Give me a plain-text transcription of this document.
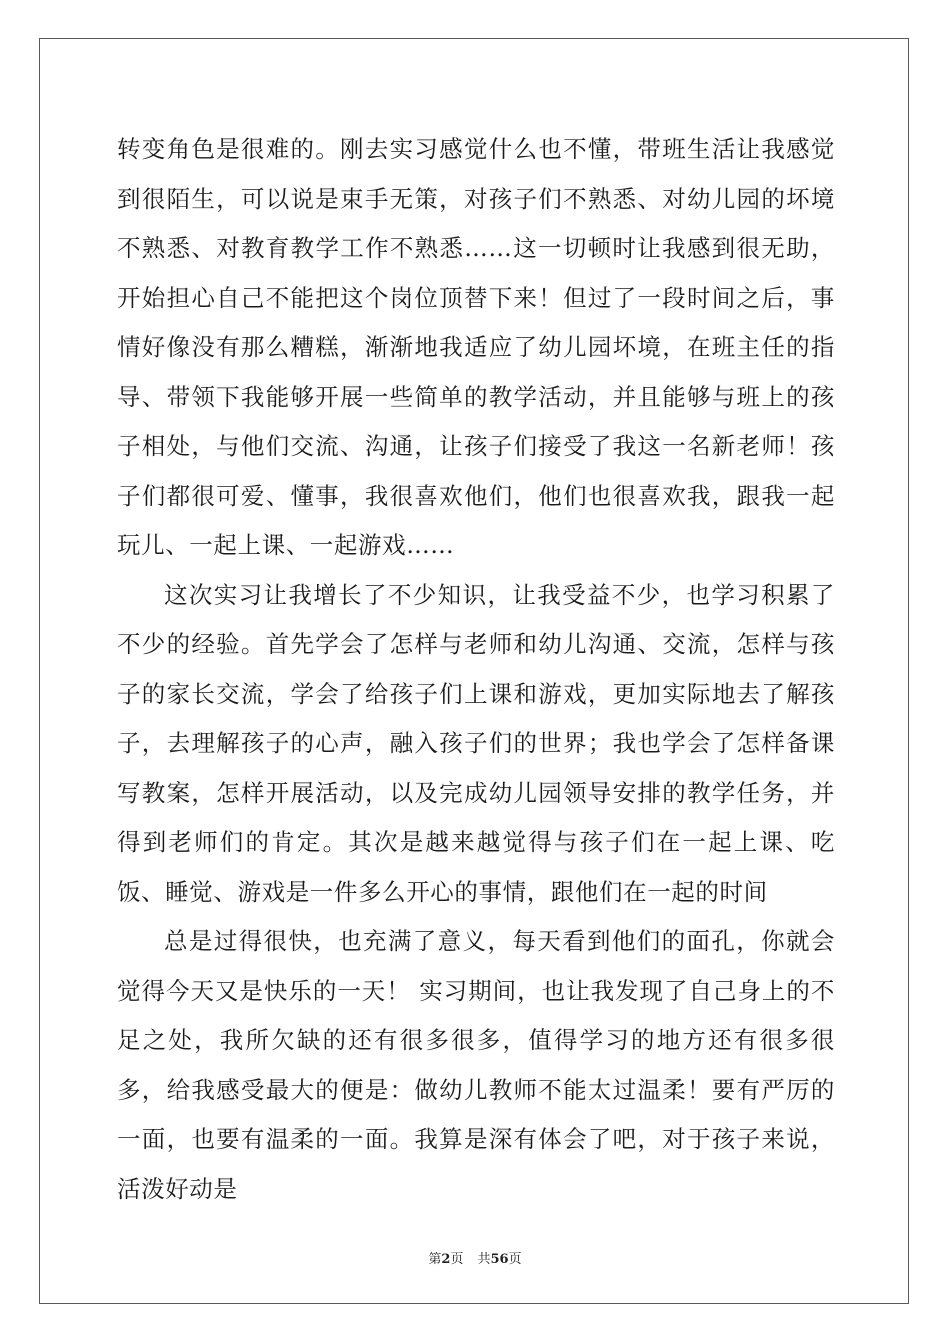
转变角色是很难的。刚去实习感觉什么也不懂，带班生活让我感觉到很陌生，可以说是束手无策，对孩子们不熟悉、对幼儿园的坏境不熟悉、对教育教学工作不熟悉……这一切顿时让我感到很无助，开始担心自己不能把这个岗位顶替下来！但过了一段时间之后，事情好像没有那么糟糕，渐渐地我适应了幼儿园坏境，在班主任的指导、带领下我能够开展一些简单的教学活动，并且能够与班上的孩子相处，与他们交流、沟通，让孩子们接受了我这一名新老师！孩子们都很可爱、懂事，我很喜欢他们，他们也很喜欢我，跟我一起玩儿、一起上课、一起游戏……

这次实习让我增长了不少知识，让我受益不少，也学习积累了不少的经验。首先学会了怎样与老师和幼儿沟通、交流，怎样与孩子的家长交流，学会了给孩子们上课和游戏，更加实际地去了解孩子，去理解孩子的心声，融入孩子们的世界；我也学会了怎样备课写教案，怎样开展活动，以及完成幼儿园领导安排的教学任务，并得到老师们的肯定。其次是越来越觉得与孩子们在一起上课、吃饭、睡觉、游戏是一件多么开心的事情，跟他们在一起的时间

总是过得很快，也充满了意义，每天看到他们的面孔，你就会觉得今天又是快乐的一天！ 实习期间，也让我发现了自己身上的不足之处，我所欠缺的还有很多很多，值得学习的地方还有很多很多，给我感受最大的便是：做幼儿教师不能太过温柔！要有严厉的一面，也要有温柔的一面。我算是深有体会了吧，对于孩子来说，活泼好动是

第2页 共56页
